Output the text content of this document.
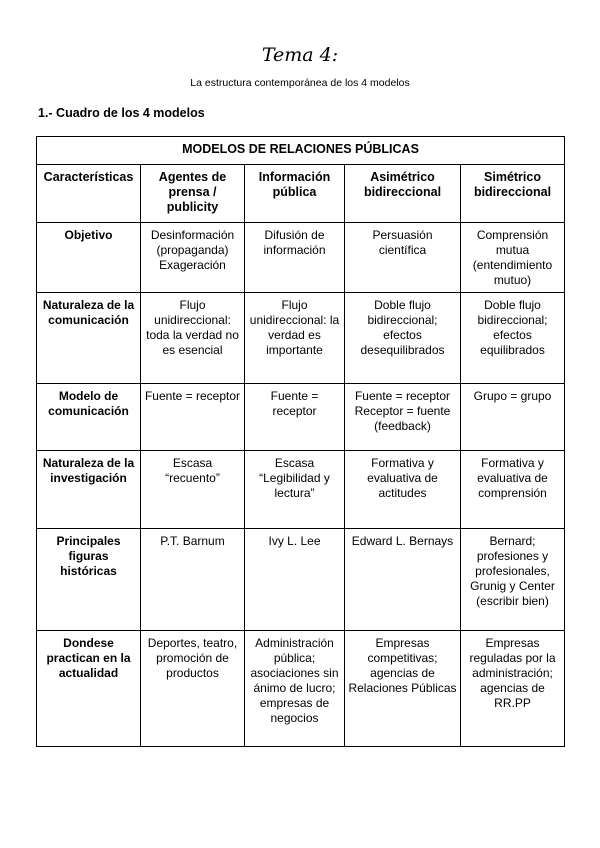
Tema 4:
La estructura contemporánea de los 4 modelos
1.- Cuadro de los 4 modelos
MODELOS DE RELACIONES PÚBLICAS				
Características	Agentes de prensa / publicity	Información pública	Asimétrico bidireccional	Simétrico bidireccional
Objetivo	Desinformación (propaganda) Exageración	Difusión de información	Persuasión científica	Comprensión mutua (entendimiento mutuo)
Naturaleza de la comunicación	Flujo unidireccional: toda la verdad no es esencial	Flujo unidireccional: la verdad es importante	Doble flujo bidireccional; efectos desequilibrados	Doble flujo bidireccional; efectos equilibrados
Modelo de comunicación	Fuente = receptor	Fuente = receptor	Fuente = receptor Receptor = fuente (feedback)	Grupo = grupo
Naturaleza de la investigación	Escasa “recuento”	Escasa “Legibilidad y lectura”	Formativa y evaluativa de actitudes	Formativa y evaluativa de comprensión
Principales figuras históricas	P.T. Barnum	Ivy L. Lee	Edward L. Bernays	Bernard; profesiones y profesionales, Grunig y Center (escribir bien)
Dondese practican en la actualidad	Deportes, teatro, promoción de productos	Administración pública; asociaciones sin ánimo de lucro; empresas de negocios	Empresas competitivas; agencias de Relaciones Públicas	Empresas reguladas por la administración; agencias de RR.PP
